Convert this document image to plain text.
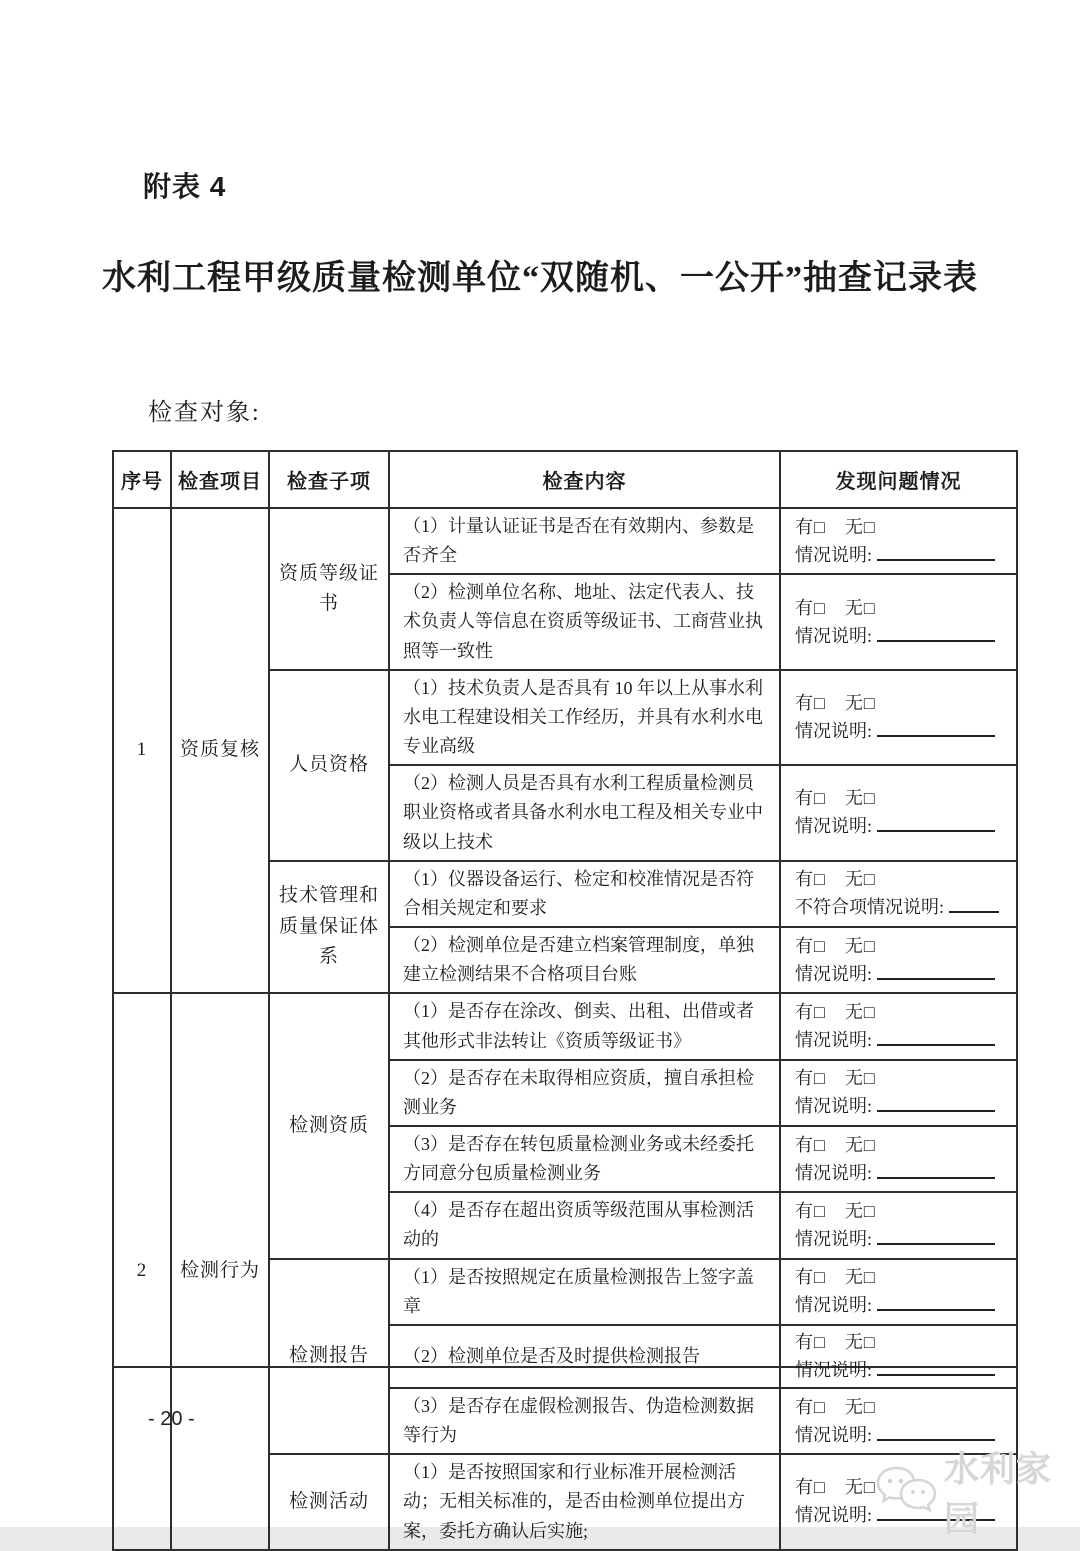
附表 4
水利工程甲级质量检测单位“双随机、一公开”抽查记录表
检查对象:
序号	检查项目	检查子项	检查内容	发现问题情况
1	资质复核	资质等级证书	（1）计量认证证书是否在有效期内、参数是否齐全	有□　无□
情况说明:

			（2）检测单位名称、地址、法定代表人、技术负责人等信息在资质等级证书、工商营业执照等一致性	有□　无□
情况说明:

		人员资格	（1）技术负责人是否具有 10 年以上从事水利水电工程建设相关工作经历，并具有水利水电专业高级	有□　无□
情况说明:

			（2）检测人员是否具有水利工程质量检测员职业资格或者具备水利水电工程及相关专业中级以上技术	有□　无□
情况说明:

		技术管理和质量保证体系	（1）仪器设备运行、检定和校准情况是否符合相关规定和要求	有□　无□
不符合项情况说明:

			（2）检测单位是否建立档案管理制度，单独建立检测结果不合格项目台账	有□　无□
情况说明:

2	检测行为	检测资质	（1）是否存在涂改、倒卖、出租、出借或者其他形式非法转让《资质等级证书》	有□　无□
情况说明:

			（2）是否存在未取得相应资质，擅自承担检测业务	有□　无□
情况说明:

			（3）是否存在转包质量检测业务或未经委托方同意分包质量检测业务	有□　无□
情况说明:

			（4）是否存在超出资质等级范围从事检测活动的	有□　无□
情况说明:

		检测报告	（1）是否按照规定在质量检测报告上签字盖章	有□　无□
情况说明:

			（2）检测单位是否及时提供检测报告	有□　无□
情况说明:

			（3）是否存在虚假检测报告、伪造检测数据等行为	有□　无□
情况说明:

		检测活动	（1）是否按照国家和行业标准开展检测活动；无相关标准的，是否由检测单位提出方案，委托方确认后实施;	有□　无□
情况说明:
- 20 -
水利家园
